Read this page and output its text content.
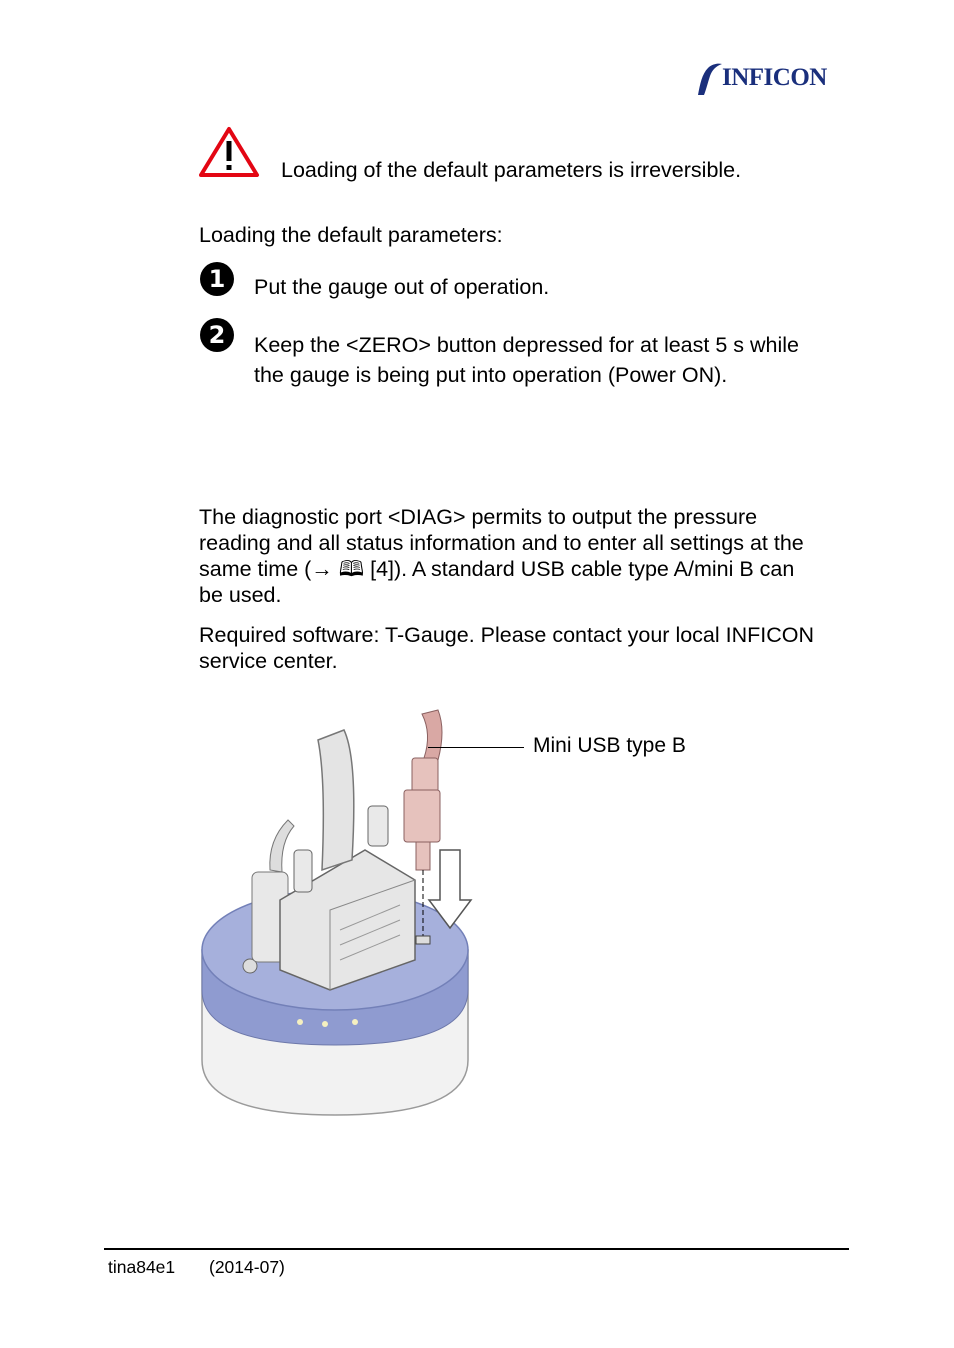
INFICON
Loading of the default parameters is irreversible.
Loading the default parameters:
1	Put the gauge out of operation.
2	Keep the <ZERO> button depressed for at least 5 s while
the gauge is being put into operation (Power ON).
The diagnostic port <DIAG> permits to output the pressure
reading and all status information and to enter all settings at the
same time (→ 🕮 [4]). A standard USB cable type A/mini B can
be used.
Required software: T-Gauge. Please contact your local INFICON
service center.
Mini USB type B
tina84e1 (2014-07)
